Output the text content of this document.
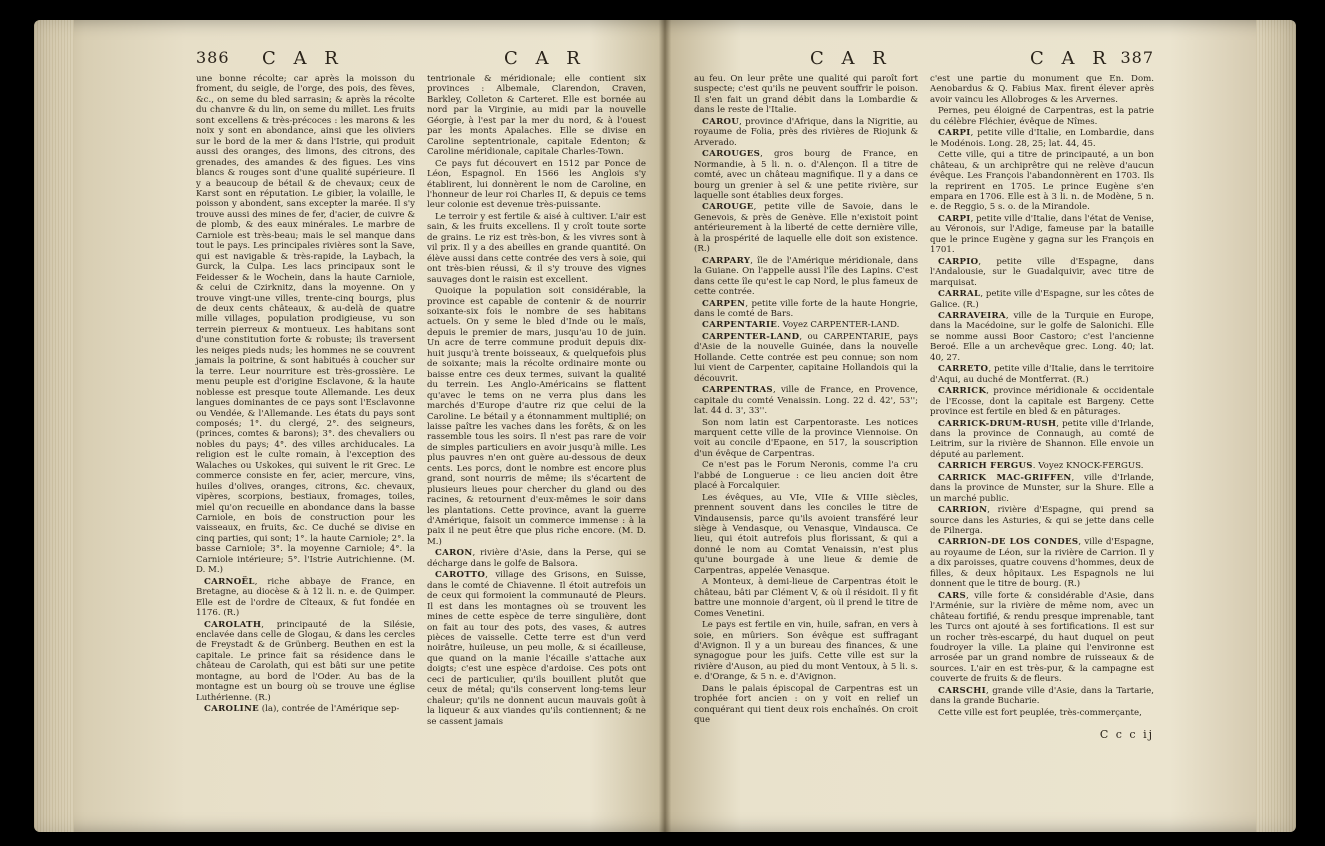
386 C A R	C A R

une bonne récolte; car après la moisson du froment, du seigle, de l'orge, des pois, des fèves, &c., on seme du bled sarrasin; & après la récolte du chanvre & du lin, on seme du millet. Les fruits sont excellens & très-précoces : les marons & les noix y sont en abondance, ainsi que les oliviers sur le bord de la mer & dans l'Istrie, qui produit aussi des oranges, des limons, des citrons, des grenades, des amandes & des figues. Les vins blancs & rouges sont d'une qualité supérieure. Il y a beaucoup de bétail & de chevaux; ceux de Karst sont en réputation. Le gibier, la volaille, le poisson y abondent, sans excepter la marée. Il s'y trouve aussi des mines de fer, d'acier, de cuivre & de plomb, & des eaux minérales. Le marbre de Carniole est très-beau; mais le sel manque dans tout le pays. Les principales rivières sont la Save, qui est navigable & très-rapide, la Laybach, la Gurck, la Culpa. Les lacs principaux sont le Feidesser & le Wochein, dans la haute Carniole, & celui de Czirknitz, dans la moyenne. On y trouve vingt-une villes, trente-cinq bourgs, plus de deux cents châteaux, & au-delà de quatre mille villages, population prodigieuse, vu son terrein pierreux & montueux. Les habitans sont d'une constitution forte & robuste; ils traversent les neiges pieds nuds; les hommes ne se couvrent jamais la poitrine, & sont habitués à coucher sur la terre. Leur nourriture est très-grossière. Le menu peuple est d'origine Esclavone, & la haute noblesse est presque toute Allemande. Les deux langues dominantes de ce pays sont l'Esclavonne ou Vendée, & l'Allemande. Les états du pays sont composés; 1°. du clergé, 2°. des seigneurs, (princes, comtes & barons); 3°. des chevaliers ou nobles du pays; 4°. des villes archiducales. La religion est le culte romain, à l'exception des Walaches ou Uskokes, qui suivent le rit Grec. Le commerce consiste en fer, acier, mercure, vins, huiles d'olives, oranges, citrons, &c. chevaux, vipères, scorpions, bestiaux, fromages, toiles, miel qu'on recueille en abondance dans la basse Carniole, en bois de construction pour les vaisseaux, en fruits, &c. Ce duché se divise en cinq parties, qui sont; 1°. la haute Carniole; 2°. la basse Carniole; 3°. la moyenne Carniole; 4°. la Carniole intérieure; 5°. l'Istrie Autrichienne. (M. D. M.)

CARNOËL, riche abbaye de France, en Bretagne, au diocèse & à 12 li. n. e. de Quimper. Elle est de l'ordre de Cîteaux, & fut fondée en 1176. (R.)

CAROLATH, principauté de la Silésie, enclavée dans celle de Glogau, & dans les cercles de Freystadt & de Grünberg. Beuthen en est la capitale. Le prince fait sa résidence dans le château de Carolath, qui est bâti sur une petite montagne, au bord de l'Oder. Au bas de la montagne est un bourg où se trouve une église Luthérienne. (R.)

CAROLINE (la), contrée de l'Amérique sep-

tentrionale & méridionale; elle contient six provinces : Albemale, Clarendon, Craven, Barkley, Colleton & Carteret. Elle est bornée au nord par la Virginie, au midi par la nouvelle Géorgie, à l'est par la mer du nord, & à l'ouest par les monts Apalaches. Elle se divise en Caroline septentrionale, capitale Edenton; & Caroline méridionale, capitale Charles-Town.

Ce pays fut découvert en 1512 par Ponce de Léon, Espagnol. En 1566 les Anglois s'y établirent, lui donnèrent le nom de Caroline, en l'honneur de leur roi Charles II, & depuis ce tems leur colonie est devenue très-puissante.

Le terroir y est fertile & aisé à cultiver. L'air est sain, & les fruits excellens. Il y croît toute sorte de grains. Le riz est très-bon, & les vivres sont à vil prix. Il y a des abeilles en grande quantité. On élève aussi dans cette contrée des vers à soie, qui ont très-bien réussi, & il s'y trouve des vignes sauvages dont le raisin est excellent.

Quoique la population soit considérable, la province est capable de contenir & de nourrir soixante-six fois le nombre de ses habitans actuels. On y seme le bled d'Inde ou le maïs, depuis le premier de mars, jusqu'au 10 de juin. Un acre de terre commune produit depuis dix-huit jusqu'à trente boisseaux, & quelquefois plus de soixante; mais la récolte ordinaire monte ou baisse entre ces deux termes, suivant la qualité du terrein. Les Anglo-Américains se flattent qu'avec le tems on ne verra plus dans les marchés d'Europe d'autre riz que celui de la Caroline. Le bétail y a étonnamment multiplié; on laisse paître les vaches dans les forêts, & on les rassemble tous les soirs. Il n'est pas rare de voir de simples particuliers en avoir jusqu'à mille. Les plus pauvres n'en ont guère au-dessous de deux cents. Les porcs, dont le nombre est encore plus grand, sont nourris de même; ils s'écartent de plusieurs lieues pour chercher du gland ou des racines, & retournent d'eux-mêmes le soir dans les plantations. Cette province, avant la guerre d'Amérique, faisoit un commerce immense : à la paix il ne peut être que plus riche encore. (M. D. M.)

CARON, rivière d'Asie, dans la Perse, qui se décharge dans le golfe de Balsora.

CAROTTO, village des Grisons, en Suisse, dans le comté de Chiavenne. Il étoit autrefois un de ceux qui formoient la communauté de Pleurs. Il est dans les montagnes où se trouvent les mines de cette espèce de terre singulière, dont on fait au tour des pots, des vases, & autres pièces de vaisselle. Cette terre est d'un verd noirâtre, huileuse, un peu molle, & si écailleuse, que quand on la manie l'écaille s'attache aux doigts; c'est une espèce d'ardoise. Ces pots ont ceci de particulier, qu'ils bouillent plutôt que ceux de métal; qu'ils conservent long-tems leur chaleur; qu'ils ne donnent aucun mauvais goût à la liqueur & aux viandes qu'ils contiennent; & ne se cassent jamais

C A R	C A R 387

au feu. On leur prête une qualité qui paroît fort suspecte; c'est qu'ils ne peuvent souffrir le poison. Il s'en fait un grand débit dans la Lombardie & dans le reste de l'Italie.

CAROU, province d'Afrique, dans la Nigritie, au royaume de Folia, près des rivières de Riojunk & Arverado.

CAROUGES, gros bourg de France, en Normandie, à 5 li. n. o. d'Alençon. Il a titre de comté, avec un château magnifique. Il y a dans ce bourg un grenier à sel & une petite rivière, sur laquelle sont établies deux forges.

CAROUGE, petite ville de Savoie, dans le Genevois, & près de Genève. Elle n'existoit point antérieurement à la liberté de cette dernière ville, à la prospérité de laquelle elle doit son existence. (R.)

CARPARY, île de l'Amérique méridionale, dans la Guiane. On l'appelle aussi l'île des Lapins. C'est dans cette île qu'est le cap Nord, le plus fameux de cette contrée.

CARPEN, petite ville forte de la haute Hongrie, dans le comté de Bars.

CARPENTARIE. Voyez CARPENTER-LAND.

CARPENTER-LAND, ou CARPENTARIE, pays d'Asie de la nouvelle Guinée, dans la nouvelle Hollande. Cette contrée est peu connue; son nom lui vient de Carpenter, capitaine Hollandois qui la découvrit.

CARPENTRAS, ville de France, en Provence, capitale du comté Venaissin. Long. 22 d. 42', 53''; lat. 44 d. 3', 33''.

Son nom latin est Carpentoraste. Les notices marquent cette ville de la province Viennoise. On voit au concile d'Epaone, en 517, la souscription d'un évêque de Carpentras.

Ce n'est pas le Forum Neronis, comme l'a cru l'abbé de Longuerue : ce lieu ancien doit être placé à Forcalquier.

Les évêques, au VIe, VIIe & VIIIe siècles, prennent souvent dans les conciles le titre de Vindausensis, parce qu'ils avoient transféré leur siège à Vendasque, ou Venasque, Vindausca. Ce lieu, qui étoit autrefois plus florissant, & qui a donné le nom au Comtat Venaissin, n'est plus qu'une bourgade à une lieue & demie de Carpentras, appelée Venasque.

A Monteux, à demi-lieue de Carpentras étoit le château, bâti par Clément V, & où il résidoit. Il y fit battre une monnoie d'argent, où il prend le titre de Comes Venetini.

Le pays est fertile en vin, huile, safran, en vers à soie, en mûriers. Son évêque est suffragant d'Avignon. Il y a un bureau des finances, & une synagogue pour les juifs. Cette ville est sur la rivière d'Auson, au pied du mont Ventoux, à 5 li. s. e. d'Orange, & 5 n. e. d'Avignon.

Dans le palais épiscopal de Carpentras est un trophée fort ancien : on y voit en relief un conquérant qui tient deux rois enchaînés. On croit que

c'est une partie du monument que En. Dom. Aenobardus & Q. Fabius Max. firent élever après avoir vaincu les Allobroges & les Arvernes.

Pernes, peu éloigné de Carpentras, est la patrie du célèbre Fléchier, évêque de Nîmes.

CARPI, petite ville d'Italie, en Lombardie, dans le Modénois. Long. 28, 25; lat. 44, 45.

Cette ville, qui a titre de principauté, a un bon château, & un archiprêtre qui ne relève d'aucun évêque. Les François l'abandonnèrent en 1703. Ils la reprirent en 1705. Le prince Eugène s'en empara en 1706. Elle est à 3 li. n. de Modène, 5 n. e. de Reggio, 5 s. o. de la Mirandole.

CARPI, petite ville d'Italie, dans l'état de Venise, au Véronois, sur l'Adige, fameuse par la bataille que le prince Eugène y gagna sur les François en 1701.

CARPIO, petite ville d'Espagne, dans l'Andalousie, sur le Guadalquivir, avec titre de marquisat.

CARRAL, petite ville d'Espagne, sur les côtes de Galice. (R.)

CARRAVEIRA, ville de la Turquie en Europe, dans la Macédoine, sur le golfe de Salonichi. Elle se nomme aussi Boor Castoro; c'est l'ancienne Beroé. Elle a un archevêque grec. Long. 40; lat. 40, 27.

CARRETO, petite ville d'Italie, dans le territoire d'Aqui, au duché de Montferrat. (R.)

CARRICK, province méridionale & occidentale de l'Ecosse, dont la capitale est Bargeny. Cette province est fertile en bled & en pâturages.

CARRICK-DRUM-RUSH, petite ville d'Irlande, dans la province de Connaugh, au comté de Leitrim, sur la rivière de Shannon. Elle envoie un député au parlement.

CARRICH FERGUS. Voyez KNOCK-FERGUS.

CARRICK MAC-GRIFFEN, ville d'Irlande, dans la province de Munster, sur la Shure. Elle a un marché public.

CARRION, rivière d'Espagne, qui prend sa source dans les Asturies, & qui se jette dans celle de Pilnerga.

CARRION-DE LOS CONDES, ville d'Espagne, au royaume de Léon, sur la rivière de Carrion. Il y a dix paroisses, quatre couvens d'hommes, deux de filles, & deux hôpitaux. Les Espagnols ne lui donnent que le titre de bourg. (R.)

CARS, ville forte & considérable d'Asie, dans l'Arménie, sur la rivière de même nom, avec un château fortifié, & rendu presque imprenable, tant les Turcs ont ajouté à ses fortifications. Il est sur un rocher très-escarpé, du haut duquel on peut foudroyer la ville. La plaine qui l'environne est arrosée par un grand nombre de ruisseaux & de sources. L'air en est très-pur, & la campagne est couverte de fruits & de fleurs.

CARSCHI, grande ville d'Asie, dans la Tartarie, dans la grande Bucharie.

Cette ville est fort peuplée, très-commerçante,

C c c ij
